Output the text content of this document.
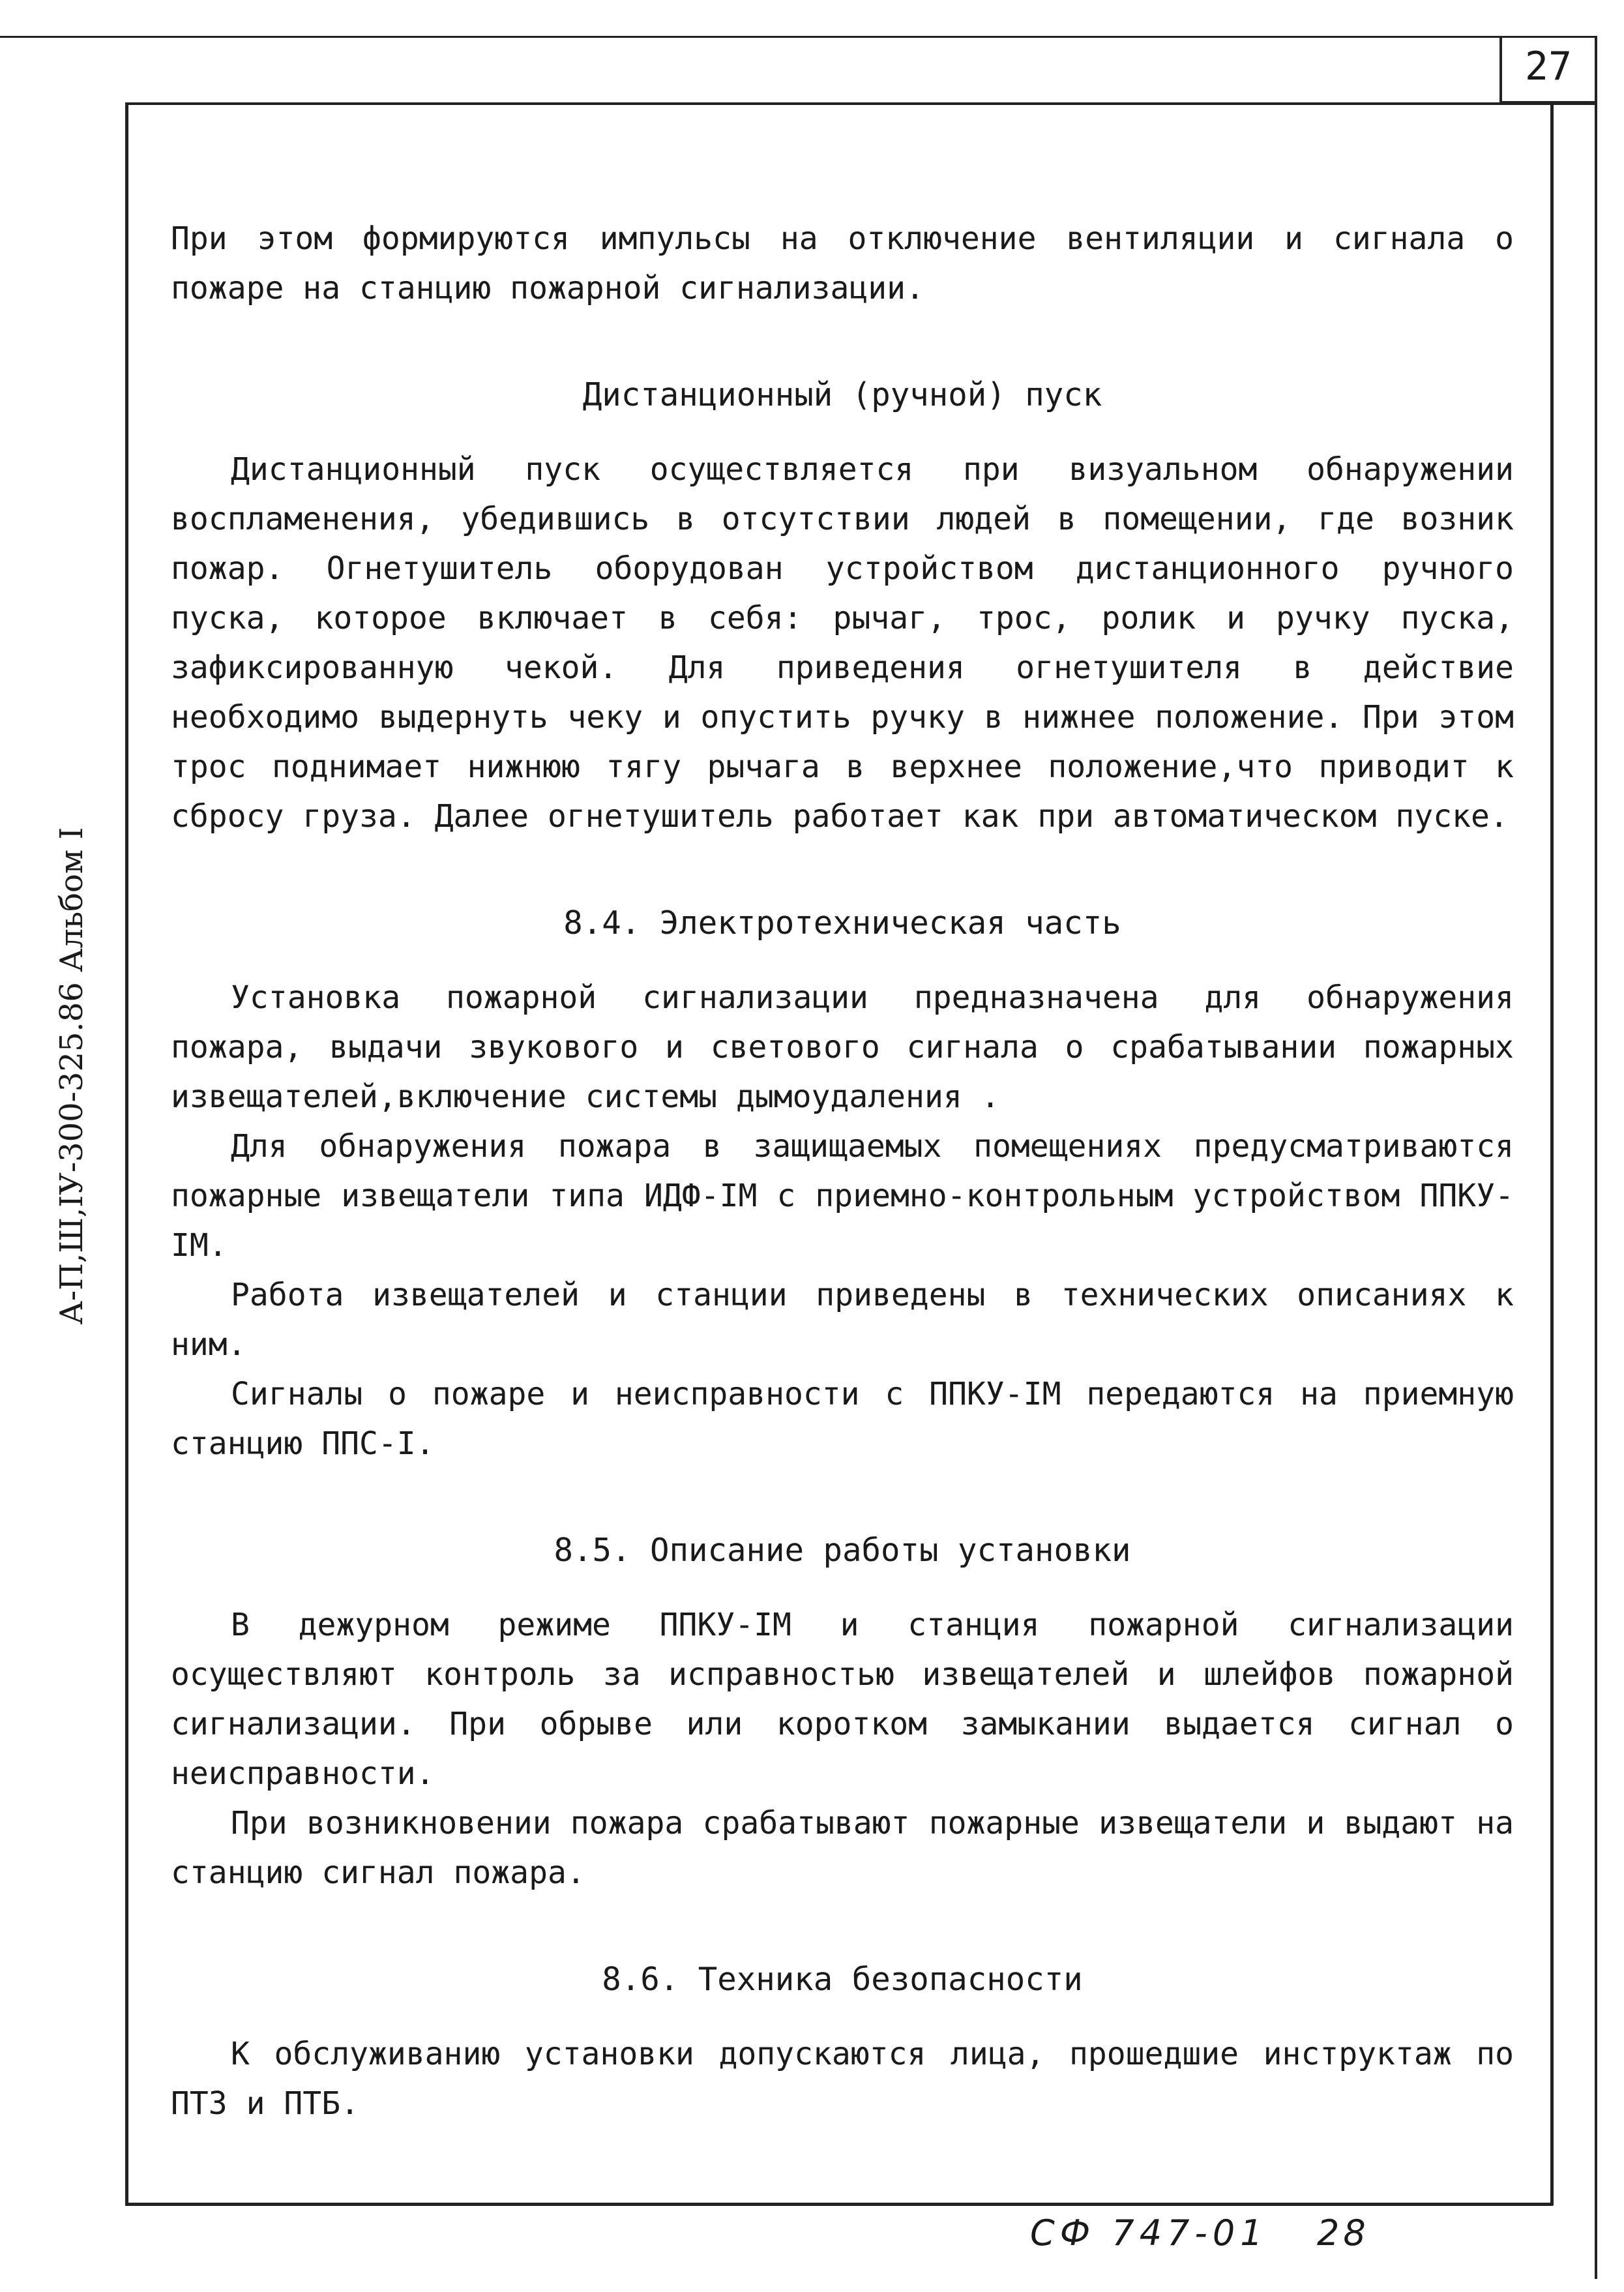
27
А-П,Ш,IУ-300-325.86 Альбом I

При этом формируются импульсы на отключение вентиляции и сигнала о пожаре на станцию пожарной сигнализации.

Дистанционный (ручной) пуск

Дистанционный пуск осуществляется при визуальном обнаружении воспламенения, убедившись в отсутствии людей в помещении, где возник пожар. Огнетушитель оборудован устройством дистанционного ручного пуска, которое включает в себя: рычаг, трос, ролик и ручку пуска, зафиксированную чекой. Для приведения огнетушителя в действие необходимо выдернуть чеку и опустить ручку в нижнее положение. При этом трос поднимает нижнюю тягу рычага в верхнее положение,что приводит к сбросу груза. Далее огнетушитель работает как при автоматическом пуске.

8.4. Электротехническая часть

Установка пожарной сигнализации предназначена для обнаружения пожара, выдачи звукового и светового сигнала о срабатывании пожарных извещателей,включение системы дымоудаления .

Для обнаружения пожара в защищаемых помещениях предусматриваются пожарные извещатели типа ИДФ-IМ с приемно-контрольным устройством ППКУ-IМ.

Работа извещателей и станции приведены в технических описаниях к ним.

Сигналы о пожаре и неисправности с ППКУ-IМ передаются на приемную станцию ППС-I.

8.5. Описание работы установки

В дежурном режиме ППКУ-IМ и станция пожарной сигнализации осуществляют контроль за исправностью извещателей и шлейфов пожарной сигнализации. При обрыве или коротком замыкании выдается сигнал о неисправности.

При возникновении пожара срабатывают пожарные извещатели и выдают на станцию сигнал пожара.

8.6. Техника безопасности

К обслуживанию установки допускаются лица, прошедшие инструктаж по ПТЗ и ПТБ.

СФ 747-01 28
